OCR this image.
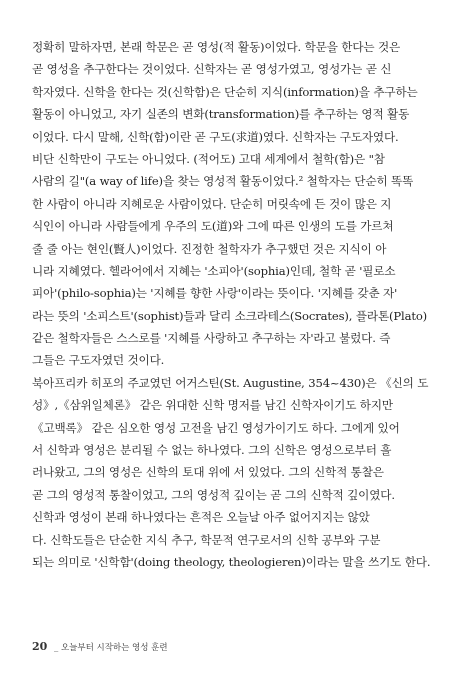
정확히 말하자면, 본래 학문은 곧 영성(적 활동)이었다. 학문을 한다는 것은
곧 영성을 추구한다는 것이었다. 신학자는 곧 영성가였고, 영성가는 곧 신
학자였다. 신학을 한다는 것(신학함)은 단순히 지식(information)을 추구하는
활동이 아니었고, 자기 실존의 변화(transformation)를 추구하는 영적 활동
이었다. 다시 말해, 신학(함)이란 곧 구도(求道)였다. 신학자는 구도자였다.
비단 신학만이 구도는 아니었다. (적어도) 고대 세계에서 철학(함)은 "참
사람의 길"(a way of life)을 찾는 영성적 활동이었다.² 철학자는 단순히 똑똑
한 사람이 아니라 지혜로운 사람이었다. 단순히 머릿속에 든 것이 많은 지
식인이 아니라 사람들에게 우주의 도(道)와 그에 따른 인생의 도를 가르쳐
줄 줄 아는 현인(賢人)이었다. 진정한 철학자가 추구했던 것은 지식이 아
니라 지혜였다. 헬라어에서 지혜는 '소피아'(sophia)인데, 철학 곧 '필로소
피아'(philo-sophia)는 '지혜를 향한 사랑'이라는 뜻이다. '지혜를 갖춘 자'
라는 뜻의 '소피스트'(sophist)들과 달리 소크라테스(Socrates), 플라톤(Plato)
같은 철학자들은 스스로를 '지혜를 사랑하고 추구하는 자'라고 불렀다. 즉
그들은 구도자였던 것이다.
북아프리카 히포의 주교였던 어거스틴(St. Augustine, 354~430)은 《신의 도
성》,《삼위일체론》 같은 위대한 신학 명저를 남긴 신학자이기도 하지만
《고백록》 같은 심오한 영성 고전을 남긴 영성가이기도 하다. 그에게 있어
서 신학과 영성은 분리될 수 없는 하나였다. 그의 신학은 영성으로부터 흘
러나왔고, 그의 영성은 신학의 토대 위에 서 있었다. 그의 신학적 통찰은
곧 그의 영성적 통찰이었고, 그의 영성적 깊이는 곧 그의 신학적 깊이였다.
신학과 영성이 본래 하나였다는 흔적은 오늘날 아주 없어지지는 않았
다. 신학도들은 단순한 지식 추구, 학문적 연구로서의 신학 공부와 구분
되는 의미로 '신학함'(doing theology, theologieren)이라는 말을 쓰기도 한다.
20 _ 오늘부터 시작하는 영성 훈련
